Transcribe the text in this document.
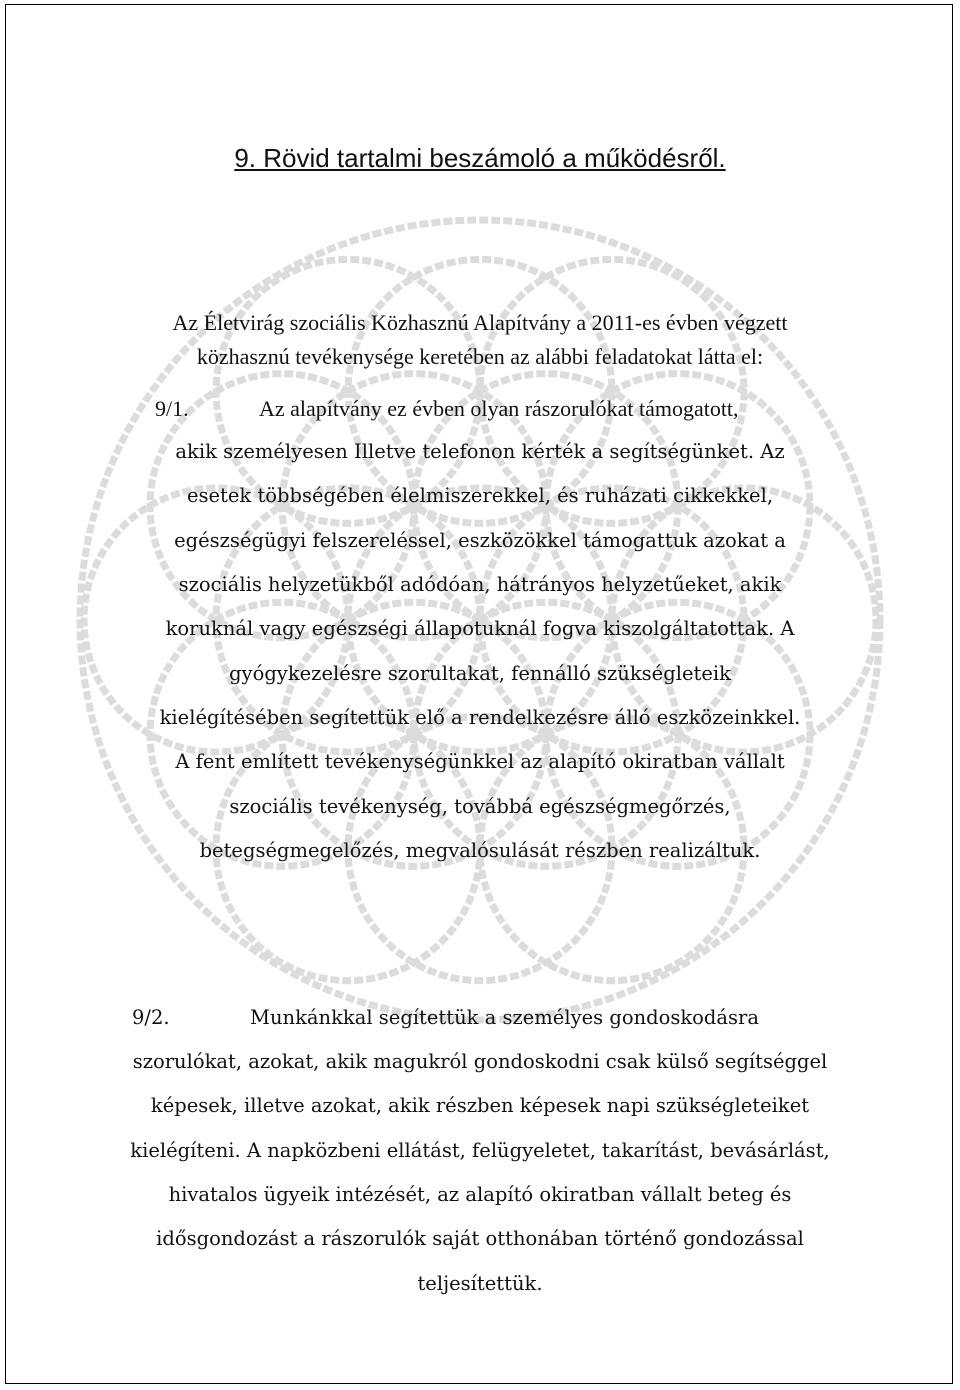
9. Rövid tartalmi beszámoló a működésről.
Az Életvirág szociális Közhasznú Alapítvány a 2011-es évben végzett
közhasznú tevékenysége keretében az alábbi feladatokat látta el:
9/1.	Az alapítvány ez évben olyan rászorulókat támogatott,
akik személyesen Illetve telefonon kérték a segítségünket. Az
esetek többségében élelmiszerekkel, és ruházati cikkekkel,
egészségügyi felszereléssel, eszközökkel támogattuk azokat a
szociális helyzetükből adódóan, hátrányos helyzetűeket, akik
koruknál vagy egészségi állapotuknál fogva kiszolgáltatottak. A
gyógykezelésre szorultakat, fennálló szükségleteik
kielégítésében segítettük elő a rendelkezésre álló eszközeinkkel.
A fent említett tevékenységünkkel az alapító okiratban vállalt
szociális tevékenység, továbbá egészségmegőrzés,
betegségmegelőzés, megvalósulását részben realizáltuk.
9/2.	Munkánkkal segítettük a személyes gondoskodásra
szorulókat, azokat, akik magukról gondoskodni csak külső segítséggel
képesek, illetve azokat, akik részben képesek napi szükségleteiket
kielégíteni. A napközbeni ellátást, felügyeletet, takarítást, bevásárlást,
hivatalos ügyeik intézését, az alapító okiratban vállalt beteg és
idősgondozást a rászorulók saját otthonában történő gondozással
teljesítettük.
